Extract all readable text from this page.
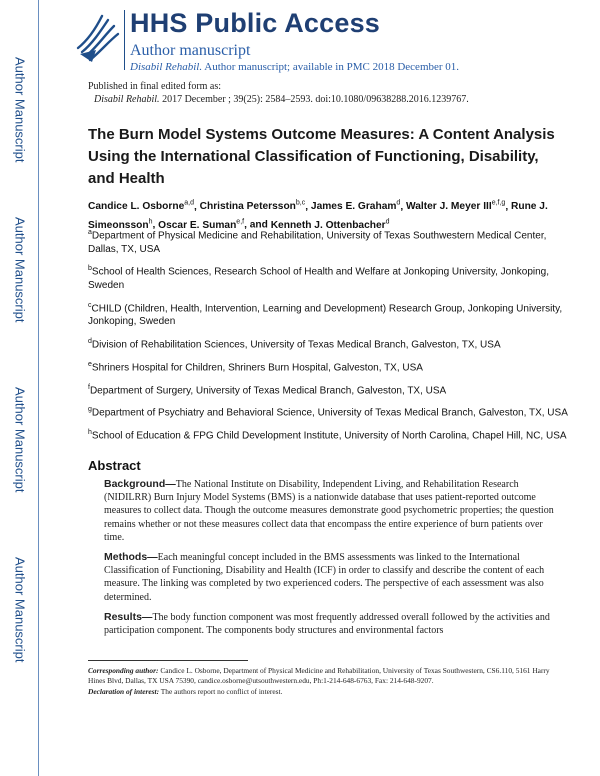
Author Manuscript
Author Manuscript
Author Manuscript
Author Manuscript
HHS Public Access
Author manuscript
Disabil Rehabil. Author manuscript; available in PMC 2018 December 01.
Published in final edited form as:
Disabil Rehabil. 2017 December ; 39(25): 2584–2593. doi:10.1080/09638288.2016.1239767.
The Burn Model Systems Outcome Measures: A Content Analysis Using the International Classification of Functioning, Disability, and Health
Candice L. Osborne$^{a,d}$, Christina Petersson$^{b,c}$, James E. Graham$^d$, Walter J. Meyer III$^{e,f,g}$, Rune J. Simeonsson$^h$, Oscar E. Suman$^{e,f}$, and Kenneth J. Ottenbacher$^d$
$^a$Department of Physical Medicine and Rehabilitation, University of Texas Southwestern Medical Center, Dallas, TX, USA
$^b$School of Health Sciences, Research School of Health and Welfare at Jonkoping University, Jonkoping, Sweden
$^c$CHILD (Children, Health, Intervention, Learning and Development) Research Group, Jonkoping University, Jonkoping, Sweden
$^d$Division of Rehabilitation Sciences, University of Texas Medical Branch, Galveston, TX, USA
$^e$Shriners Hospital for Children, Shriners Burn Hospital, Galveston, TX, USA
$^f$Department of Surgery, University of Texas Medical Branch, Galveston, TX, USA
$^g$Department of Psychiatry and Behavioral Science, University of Texas Medical Branch, Galveston, TX, USA
$^h$School of Education & FPG Child Development Institute, University of North Carolina, Chapel Hill, NC, USA
Abstract

Background—The National Institute on Disability, Independent Living, and Rehabilitation Research (NIDILRR) Burn Injury Model Systems (BMS) is a nationwide database that uses patient-reported outcome measures to collect data. Though the outcome measures demonstrate good psychometric properties; the question remains whether or not these measures collect data that encompass the entire experience of burn patients over time.

Methods—Each meaningful concept included in the BMS assessments was linked to the International Classification of Functioning, Disability and Health (ICF) in order to classify and describe the content of each measure. The linking was completed by two experienced coders. The perspective of each assessment was also determined.

Results—The body function component was most frequently addressed overall followed by the activities and participation component. The components body structures and environmental factors

Corresponding author: Candice L. Osborne, Department of Physical Medicine and Rehabilitation, University of Texas Southwestern, CS6.110, 5161 Harry Hines Blvd, Dallas, TX USA 75390, candice.osborne@utsouthwestern.edu, Ph:1-214-648-6763, Fax: 214-648-9207.
Declaration of interest: The authors report no conflict of interest.
